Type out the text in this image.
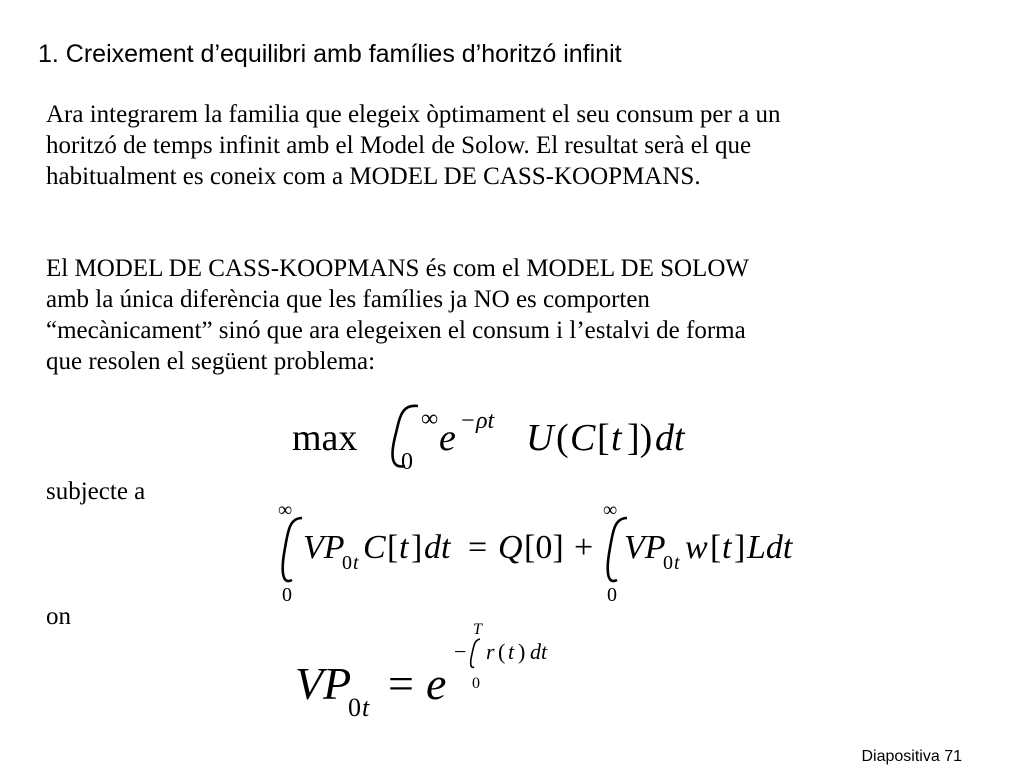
1. Creixement d’equilibri amb famílies d’horitzó infinit
Ara integrarem la familia que elegeix òptimament el seu consum per a un
horitzó de temps infinit amb el Model de Solow. El resultat serà el que
habitualment es coneix com a MODEL DE CASS-KOOPMANS.
El MODEL DE CASS-KOOPMANS és com el MODEL DE SOLOW
amb la única diferència que les famílies ja NO es comporten
“mecànicament” sinó que ara elegeixen el consum i l’estalvi de forma
que resolen el següent problema:
max	∞
0
e − ρt U ( C [ t ]) dt
subjecte a
∞
0
VP
0 t C [ t ] dt = Q [0] +
∞
0
VP
0 t w [ t ] Ldt
on
VP
0 t = e
−
T
0
r ( t ) dt
Diapositiva 71
